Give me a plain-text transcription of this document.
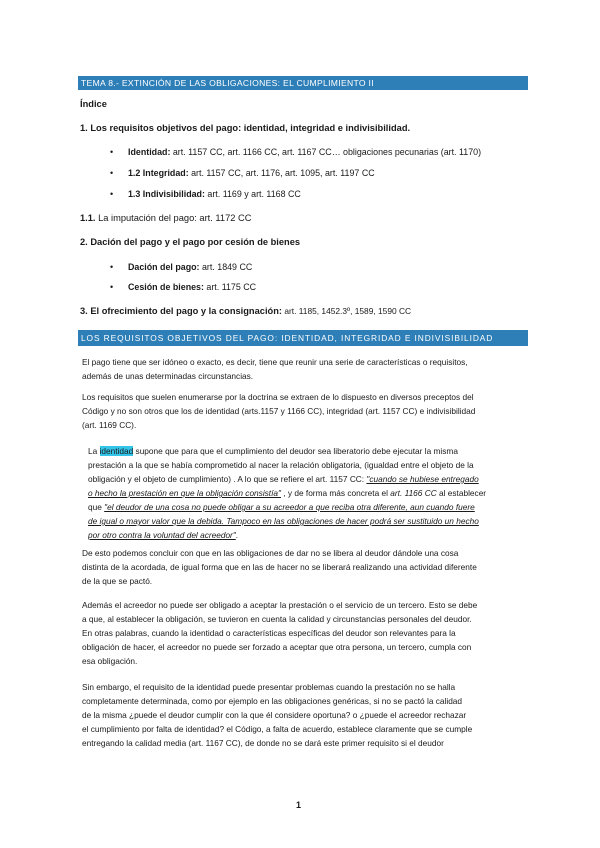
TEMA 8.- EXTINCIÓN DE LAS OBLIGACIONES: EL CUMPLIMIENTO II
Índice
1. Los requisitos objetivos del pago: identidad, integridad e indivisibilidad.
• Identidad: art. 1157 CC, art. 1166 CC, art. 1167 CC… obligaciones pecunarias (art. 1170)
• 1.2 Integridad: art. 1157 CC, art. 1176, art. 1095, art. 1197 CC
• 1.3 Indivisibilidad: art. 1169 y art. 1168 CC
1.1. La imputación del pago: art. 1172 CC
2. Dación del pago y el pago por cesión de bienes
• Dación del pago: art. 1849 CC
• Cesión de bienes: art. 1175 CC
3. El ofrecimiento del pago y la consignación: art. 1185, 1452.3º, 1589, 1590 CC
LOS REQUISITOS OBJETIVOS DEL PAGO: IDENTIDAD, INTEGRIDAD E INDIVISIBILIDAD
El pago tiene que ser idóneo o exacto, es decir, tiene que reunir una serie de características o requisitos,
además de unas determinadas circunstancias.
Los requisitos que suelen enumerarse por la doctrina se extraen de lo dispuesto en diversos preceptos del
Código y no son otros que los de identidad (arts.1157 y 1166 CC), integridad (art. 1157 CC) e indivisibilidad
(art. 1169 CC).
La identidad supone que para que el cumplimiento del deudor sea liberatorio debe ejecutar la misma
prestación a la que se había comprometido al nacer la relación obligatoria, (igualdad entre el objeto de la
obligación y el objeto de cumplimiento) . A lo que se refiere el art. 1157 CC: "cuando se hubiese entregado
o hecho la prestación en que la obligación consistía" , y de forma más concreta el art. 1166 CC al establecer
que "el deudor de una cosa no puede obligar a su acreedor a que reciba otra diferente, aun cuando fuere
de igual o mayor valor que la debida. Tampoco en las obligaciones de hacer podrá ser sustituido un hecho
por otro contra la voluntad del acreedor".
De esto podemos concluir con que en las obligaciones de dar no se libera al deudor dándole una cosa
distinta de la acordada, de igual forma que en las de hacer no se liberará realizando una actividad diferente
de la que se pactó.
Además el acreedor no puede ser obligado a aceptar la prestación o el servicio de un tercero. Esto se debe
a que, al establecer la obligación, se tuvieron en cuenta la calidad y circunstancias personales del deudor.
En otras palabras, cuando la identidad o características específicas del deudor son relevantes para la
obligación de hacer, el acreedor no puede ser forzado a aceptar que otra persona, un tercero, cumpla con
esa obligación.
Sin embargo, el requisito de la identidad puede presentar problemas cuando la prestación no se halla
completamente determinada, como por ejemplo en las obligaciones genéricas, si no se pactó la calidad
de la misma ¿puede el deudor cumplir con la que él considere oportuna? o ¿puede el acreedor rechazar
el cumplimiento por falta de identidad? el Código, a falta de acuerdo, establece claramente que se cumple
entregando la calidad media (art. 1167 CC), de donde no se dará este primer requisito si el deudor
1
